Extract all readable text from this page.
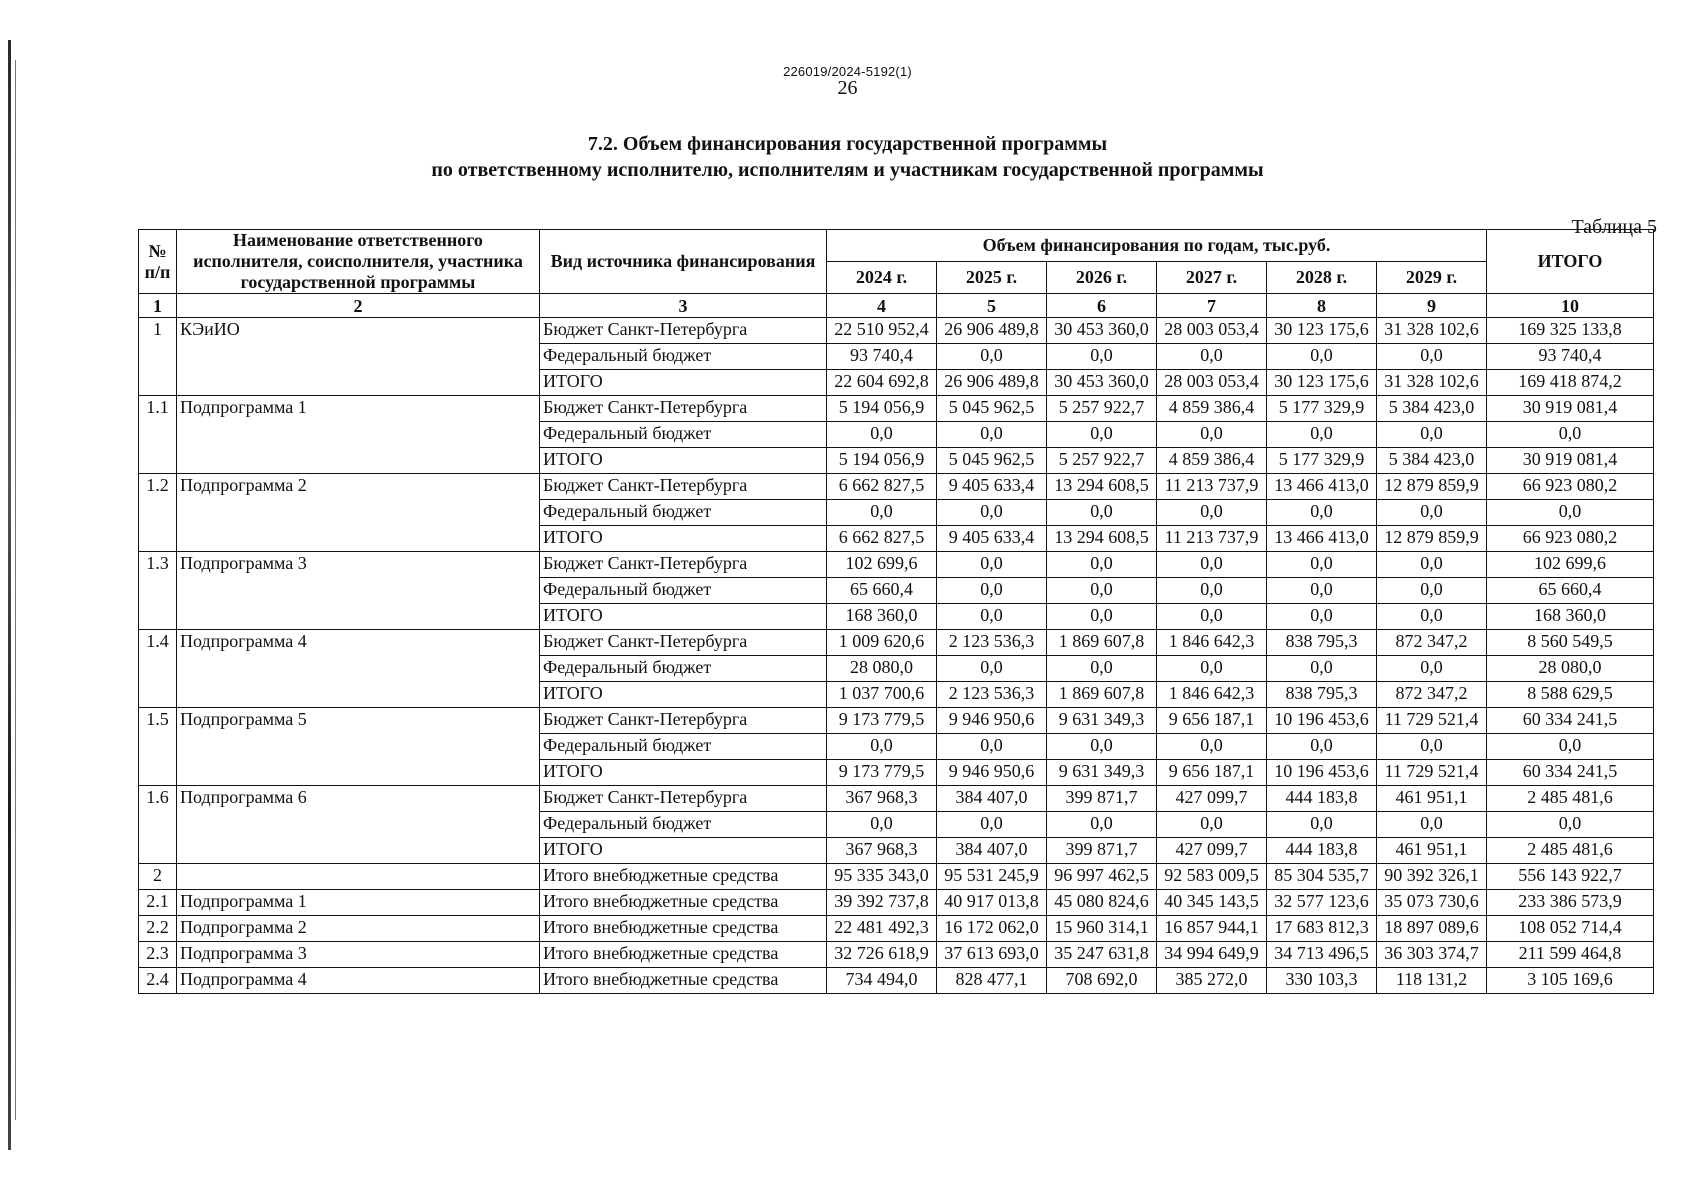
226019/2024-5192(1)
26
7.2. Объем финансирования государственной программы
по ответственному исполнителю, исполнителям и участникам государственной программы
Таблица 5
№ п/п	Наименование ответственного исполнителя, соисполнителя, участника государственной программы	Вид источника финансирования	Объем финансирования по годам, тыс.руб.						ИТОГО
			2024 г.	2025 г.	2026 г.	2027 г.	2028 г.	2029 г.	
1	2	3	4	5	6	7	8	9	10
1	КЭиИО	Бюджет Санкт-Петербурга	22 510 952,4	26 906 489,8	30 453 360,0	28 003 053,4	30 123 175,6	31 328 102,6	169 325 133,8
		Федеральный бюджет	93 740,4	0,0	0,0	0,0	0,0	0,0	93 740,4
		ИТОГО	22 604 692,8	26 906 489,8	30 453 360,0	28 003 053,4	30 123 175,6	31 328 102,6	169 418 874,2
1.1	Подпрограмма 1	Бюджет Санкт-Петербурга	5 194 056,9	5 045 962,5	5 257 922,7	4 859 386,4	5 177 329,9	5 384 423,0	30 919 081,4
		Федеральный бюджет	0,0	0,0	0,0	0,0	0,0	0,0	0,0
		ИТОГО	5 194 056,9	5 045 962,5	5 257 922,7	4 859 386,4	5 177 329,9	5 384 423,0	30 919 081,4
1.2	Подпрограмма 2	Бюджет Санкт-Петербурга	6 662 827,5	9 405 633,4	13 294 608,5	11 213 737,9	13 466 413,0	12 879 859,9	66 923 080,2
		Федеральный бюджет	0,0	0,0	0,0	0,0	0,0	0,0	0,0
		ИТОГО	6 662 827,5	9 405 633,4	13 294 608,5	11 213 737,9	13 466 413,0	12 879 859,9	66 923 080,2
1.3	Подпрограмма 3	Бюджет Санкт-Петербурга	102 699,6	0,0	0,0	0,0	0,0	0,0	102 699,6
		Федеральный бюджет	65 660,4	0,0	0,0	0,0	0,0	0,0	65 660,4
		ИТОГО	168 360,0	0,0	0,0	0,0	0,0	0,0	168 360,0
1.4	Подпрограмма 4	Бюджет Санкт-Петербурга	1 009 620,6	2 123 536,3	1 869 607,8	1 846 642,3	838 795,3	872 347,2	8 560 549,5
		Федеральный бюджет	28 080,0	0,0	0,0	0,0	0,0	0,0	28 080,0
		ИТОГО	1 037 700,6	2 123 536,3	1 869 607,8	1 846 642,3	838 795,3	872 347,2	8 588 629,5
1.5	Подпрограмма 5	Бюджет Санкт-Петербурга	9 173 779,5	9 946 950,6	9 631 349,3	9 656 187,1	10 196 453,6	11 729 521,4	60 334 241,5
		Федеральный бюджет	0,0	0,0	0,0	0,0	0,0	0,0	0,0
		ИТОГО	9 173 779,5	9 946 950,6	9 631 349,3	9 656 187,1	10 196 453,6	11 729 521,4	60 334 241,5
1.6	Подпрограмма 6	Бюджет Санкт-Петербурга	367 968,3	384 407,0	399 871,7	427 099,7	444 183,8	461 951,1	2 485 481,6
		Федеральный бюджет	0,0	0,0	0,0	0,0	0,0	0,0	0,0
		ИТОГО	367 968,3	384 407,0	399 871,7	427 099,7	444 183,8	461 951,1	2 485 481,6
2		Итого внебюджетные средства	95 335 343,0	95 531 245,9	96 997 462,5	92 583 009,5	85 304 535,7	90 392 326,1	556 143 922,7
2.1	Подпрограмма 1	Итого внебюджетные средства	39 392 737,8	40 917 013,8	45 080 824,6	40 345 143,5	32 577 123,6	35 073 730,6	233 386 573,9
2.2	Подпрограмма 2	Итого внебюджетные средства	22 481 492,3	16 172 062,0	15 960 314,1	16 857 944,1	17 683 812,3	18 897 089,6	108 052 714,4
2.3	Подпрограмма 3	Итого внебюджетные средства	32 726 618,9	37 613 693,0	35 247 631,8	34 994 649,9	34 713 496,5	36 303 374,7	211 599 464,8
2.4	Подпрограмма 4	Итого внебюджетные средства	734 494,0	828 477,1	708 692,0	385 272,0	330 103,3	118 131,2	3 105 169,6
